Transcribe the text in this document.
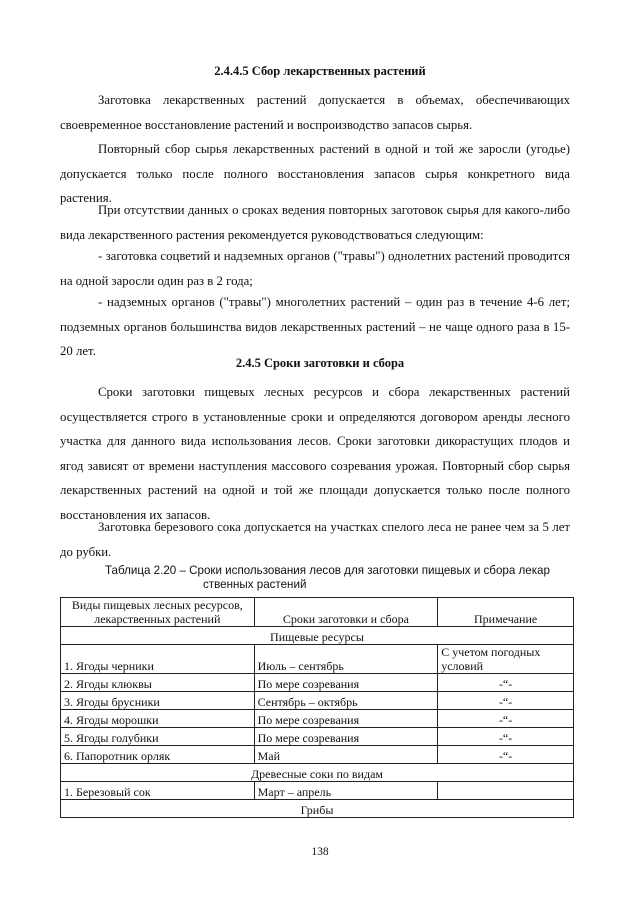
2.4.4.5 Сбор лекарственных растений

Заготовка лекарственных растений допускается в объемах, обеспечивающих своевременное восстановление растений и воспроизводство запасов сырья.

Повторный сбор сырья лекарственных растений в одной и той же заросли (угодье) допускается только после полного восстановления запасов сырья конкретного вида растения.

При отсутствии данных о сроках ведения повторных заготовок сырья для какого-либо вида лекарственного растения рекомендуется руководствоваться следующим:

- заготовка соцветий и надземных органов ("травы") однолетних растений проводится на одной заросли один раз в 2 года;

- надземных органов ("травы") многолетних растений – один раз в течение 4-6 лет; подземных органов большинства видов лекарственных растений – не чаще одного раза в 15-20 лет.

2.4.5 Сроки заготовки и сбора

Сроки заготовки пищевых лесных ресурсов и сбора лекарственных растений осуществляется строго в установленные сроки и определяются договором аренды лесного участка для данного вида использования лесов. Сроки заготовки дикорастущих плодов и ягод зависят от времени наступления массового созревания урожая. Повторный сбор сырья лекарственных растений на одной и той же площади допускается только после полного восстановления их запасов.

Заготовка березового сока допускается на участках спелого леса не ранее чем за 5 лет до рубки.

Таблица 2.20 – Сроки использования лесов для заготовки пищевых и сбора лекар
ственных растений
Виды пищевых лесных ресурсов, лекарственных растений	Сроки заготовки и сбора	Примечание
Пищевые ресурсы		
1. Ягоды черники	Июль – сентябрь	С учетом погодных условий
2. Ягоды клюквы	По мере созревания	-“-
3. Ягоды брусники	Сентябрь – октябрь	-“-
4. Ягоды морошки	По мере созревания	-“-
5. Ягоды голубики	По мере созревания	-“-
6. Папоротник орляк	Май	-“-
Древесные соки по видам		
1. Березовый сок	Март – апрель	
Грибы		
138
